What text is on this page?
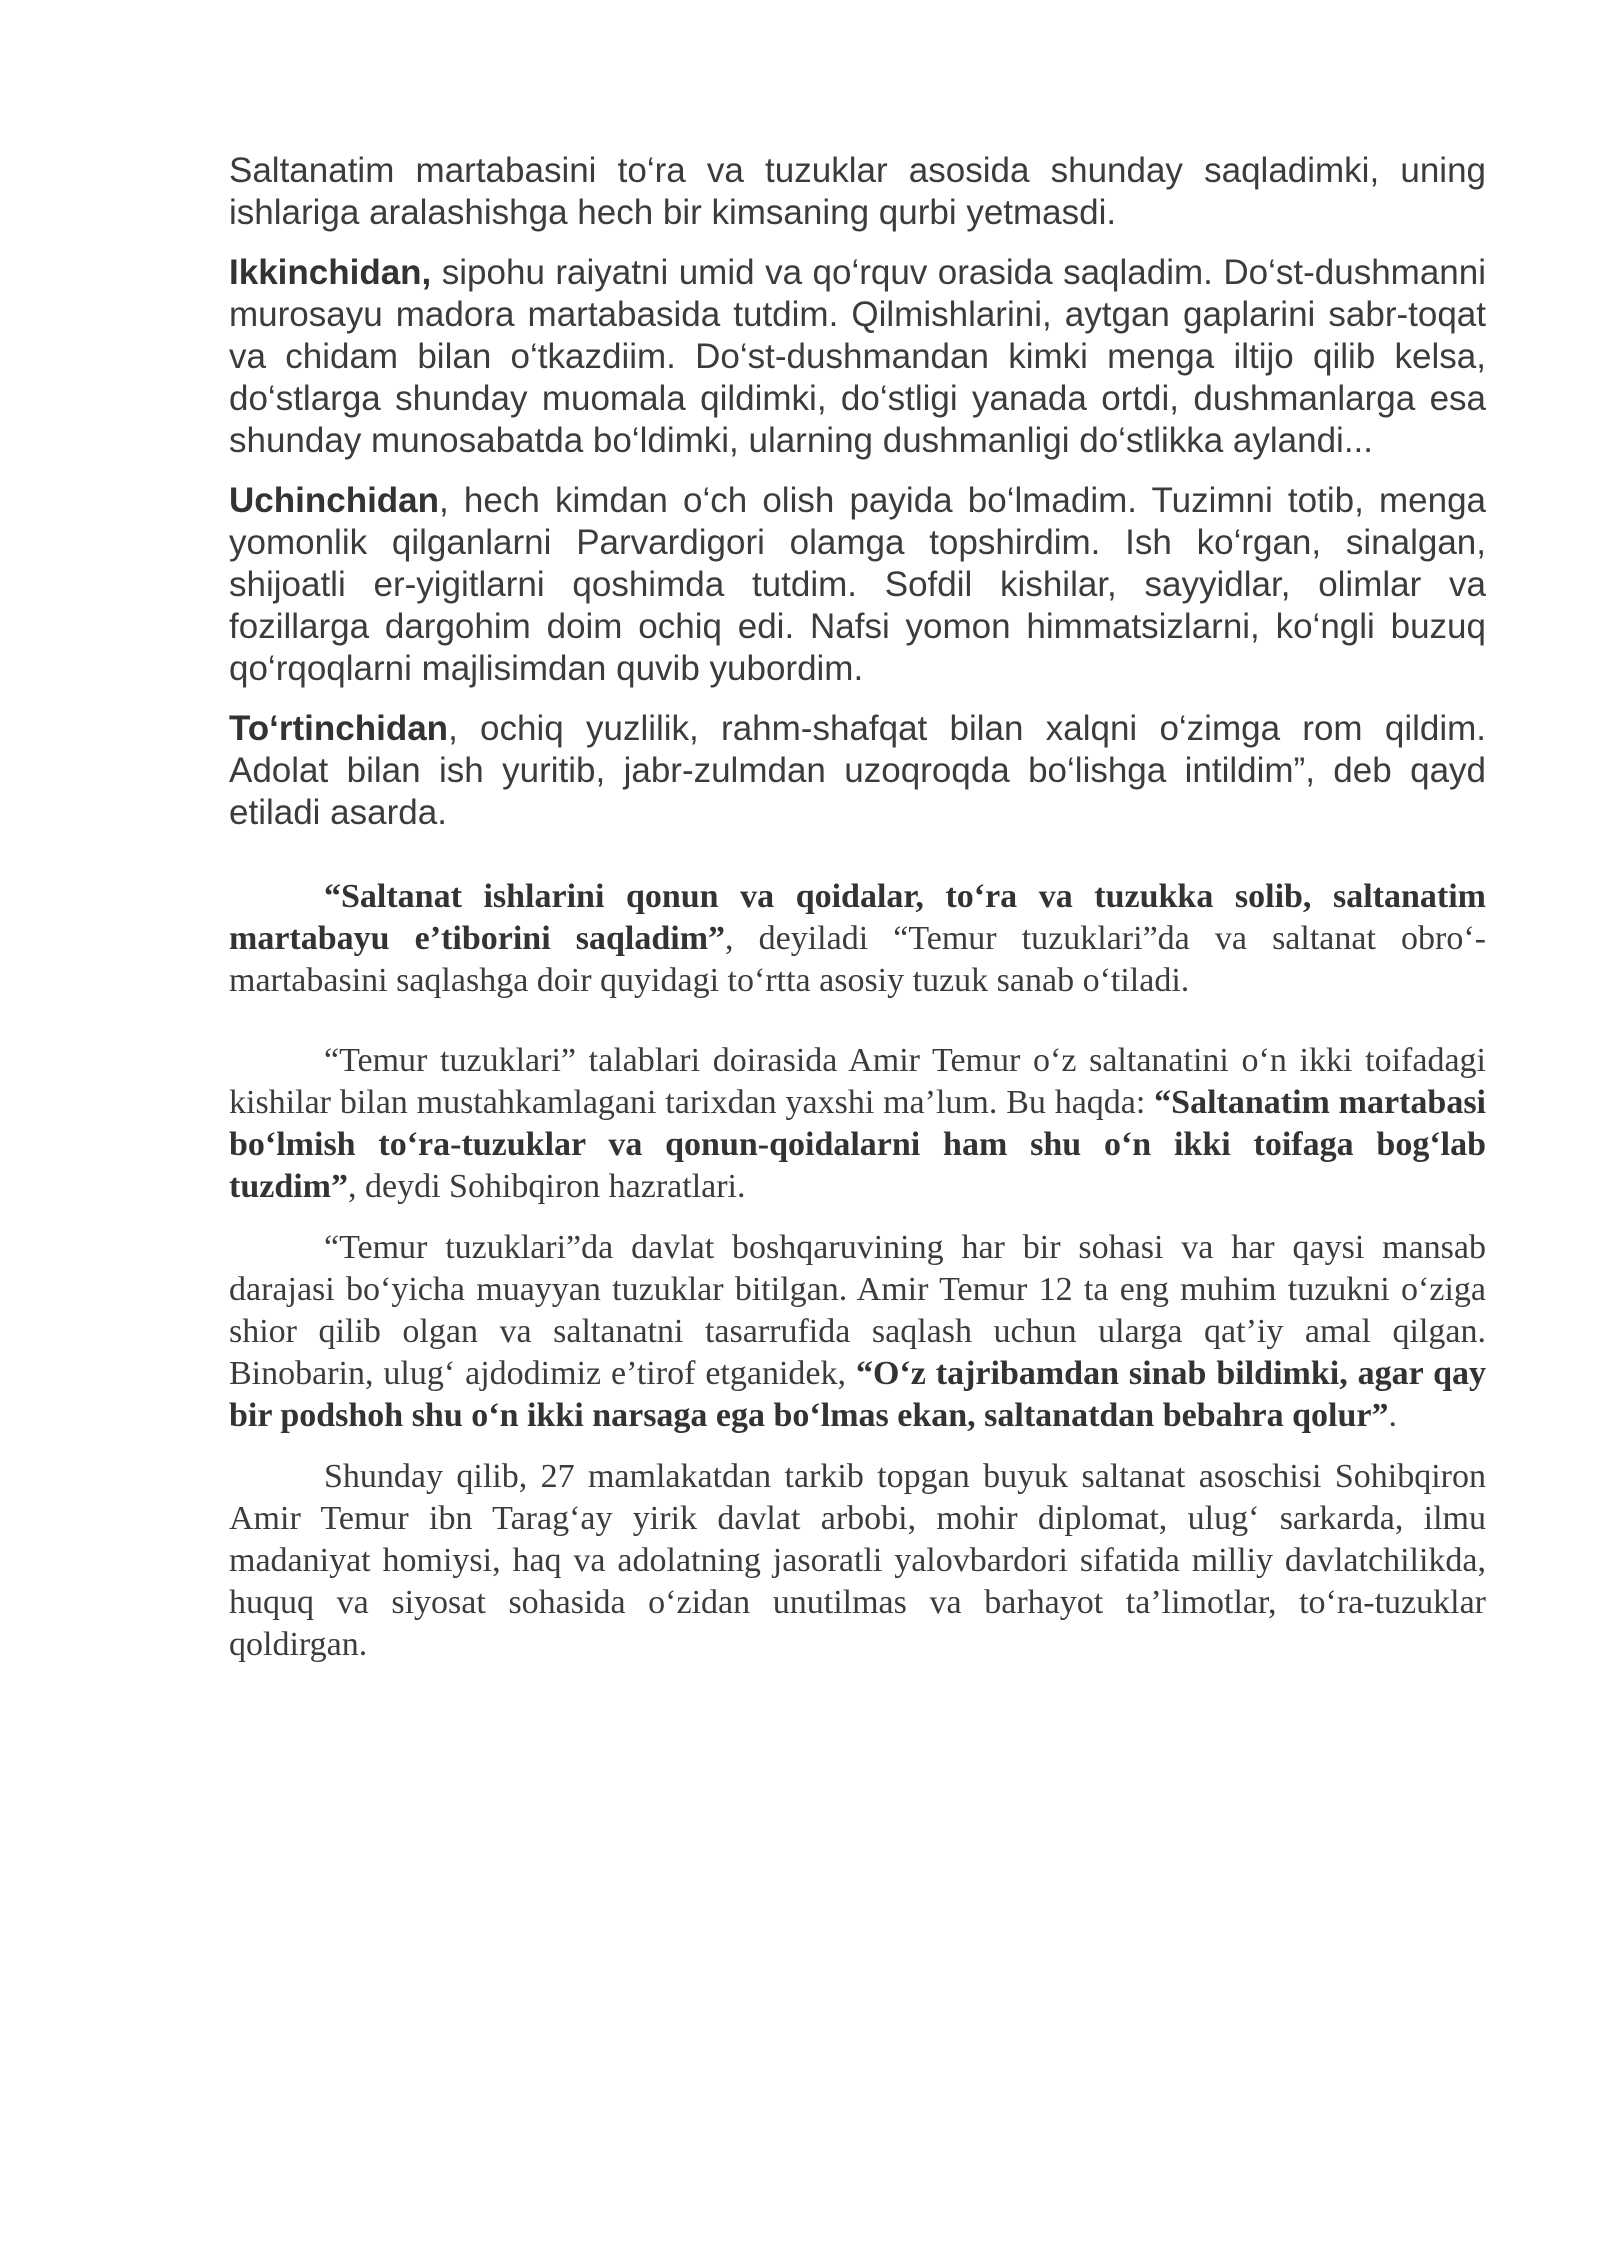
Saltanatim martabasini to‘ra va tuzuklar asosida shunday saqladimki, uning ishlariga aralashishga hech bir kimsaning qurbi yetmasdi.

Ikkinchidan, sipohu raiyatni umid va qo‘rquv orasida saqladim. Do‘st-dushmanni murosayu madora martabasida tutdim. Qilmishlarini, aytgan gaplarini sabr-toqat va chidam bilan o‘tkazdiim. Do‘st-dushmandan kimki menga iltijo qilib kelsa, do‘stlarga shunday muomala qildimki, do‘stligi yanada ortdi, dushmanlarga esa shunday munosabatda bo‘ldimki, ularning dushmanligi do‘stlikka aylandi...

Uchinchidan, hech kimdan o‘ch olish payida bo‘lmadim. Tuzimni totib, menga yomonlik qilganlarni Parvardigori olamga topshirdim. Ish ko‘rgan, sinalgan, shijoatli er-yigitlarni qoshimda tutdim. Sofdil kishilar, sayyidlar, olimlar va fozillarga dargohim doim ochiq edi. Nafsi yomon himmatsizlarni, ko‘ngli buzuq qo‘rqoqlarni majlisimdan quvib yubordim.

To‘rtinchidan, ochiq yuzlilik, rahm-shafqat bilan xalqni o‘zimga rom qildim. Adolat bilan ish yuritib, jabr-zulmdan uzoqroqda bo‘lishga intildim”, deb qayd etiladi asarda.

“Saltanat ishlarini qonun va qoidalar, to‘ra va tuzukka solib, saltanatim martabayu e’tiborini saqladim”, deyiladi “Temur tuzuklari”da va saltanat obro‘-martabasini saqlashga doir quyidagi to‘rtta asosiy tuzuk sanab o‘tiladi.

“Temur tuzuklari” talablari doirasida Amir Temur o‘z saltanatini o‘n ikki toifadagi kishilar bilan mustahkamlagani tarixdan yaxshi ma’lum. Bu haqda: “Saltanatim martabasi bo‘lmish to‘ra-tuzuklar va qonun-qoidalarni ham shu o‘n ikki toifaga bog‘lab tuzdim”, deydi Sohibqiron hazratlari.

“Temur tuzuklari”da davlat boshqaruvining har bir sohasi va har qaysi mansab darajasi bo‘yicha muayyan tuzuklar bitilgan. Amir Temur 12 ta eng muhim tuzukni o‘ziga shior qilib olgan va saltanatni tasarrufida saqlash uchun ularga qat’iy amal qilgan. Binobarin, ulug‘ ajdodimiz e’tirof etganidek, “O‘z tajribamdan sinab bildimki, agar qay bir podshoh shu o‘n ikki narsaga ega bo‘lmas ekan, saltanatdan bebahra qolur”.

Shunday qilib, 27 mamlakatdan tarkib topgan buyuk saltanat asoschisi Sohibqiron Amir Temur ibn Tarag‘ay yirik davlat arbobi, mohir diplomat, ulug‘ sarkarda, ilmu madaniyat homiysi, haq va adolatning jasoratli yalovbardori sifatida milliy davlatchilikda, huquq va siyosat sohasida o‘zidan unutilmas va barhayot ta’limotlar, to‘ra-tuzuklar qoldirgan.
